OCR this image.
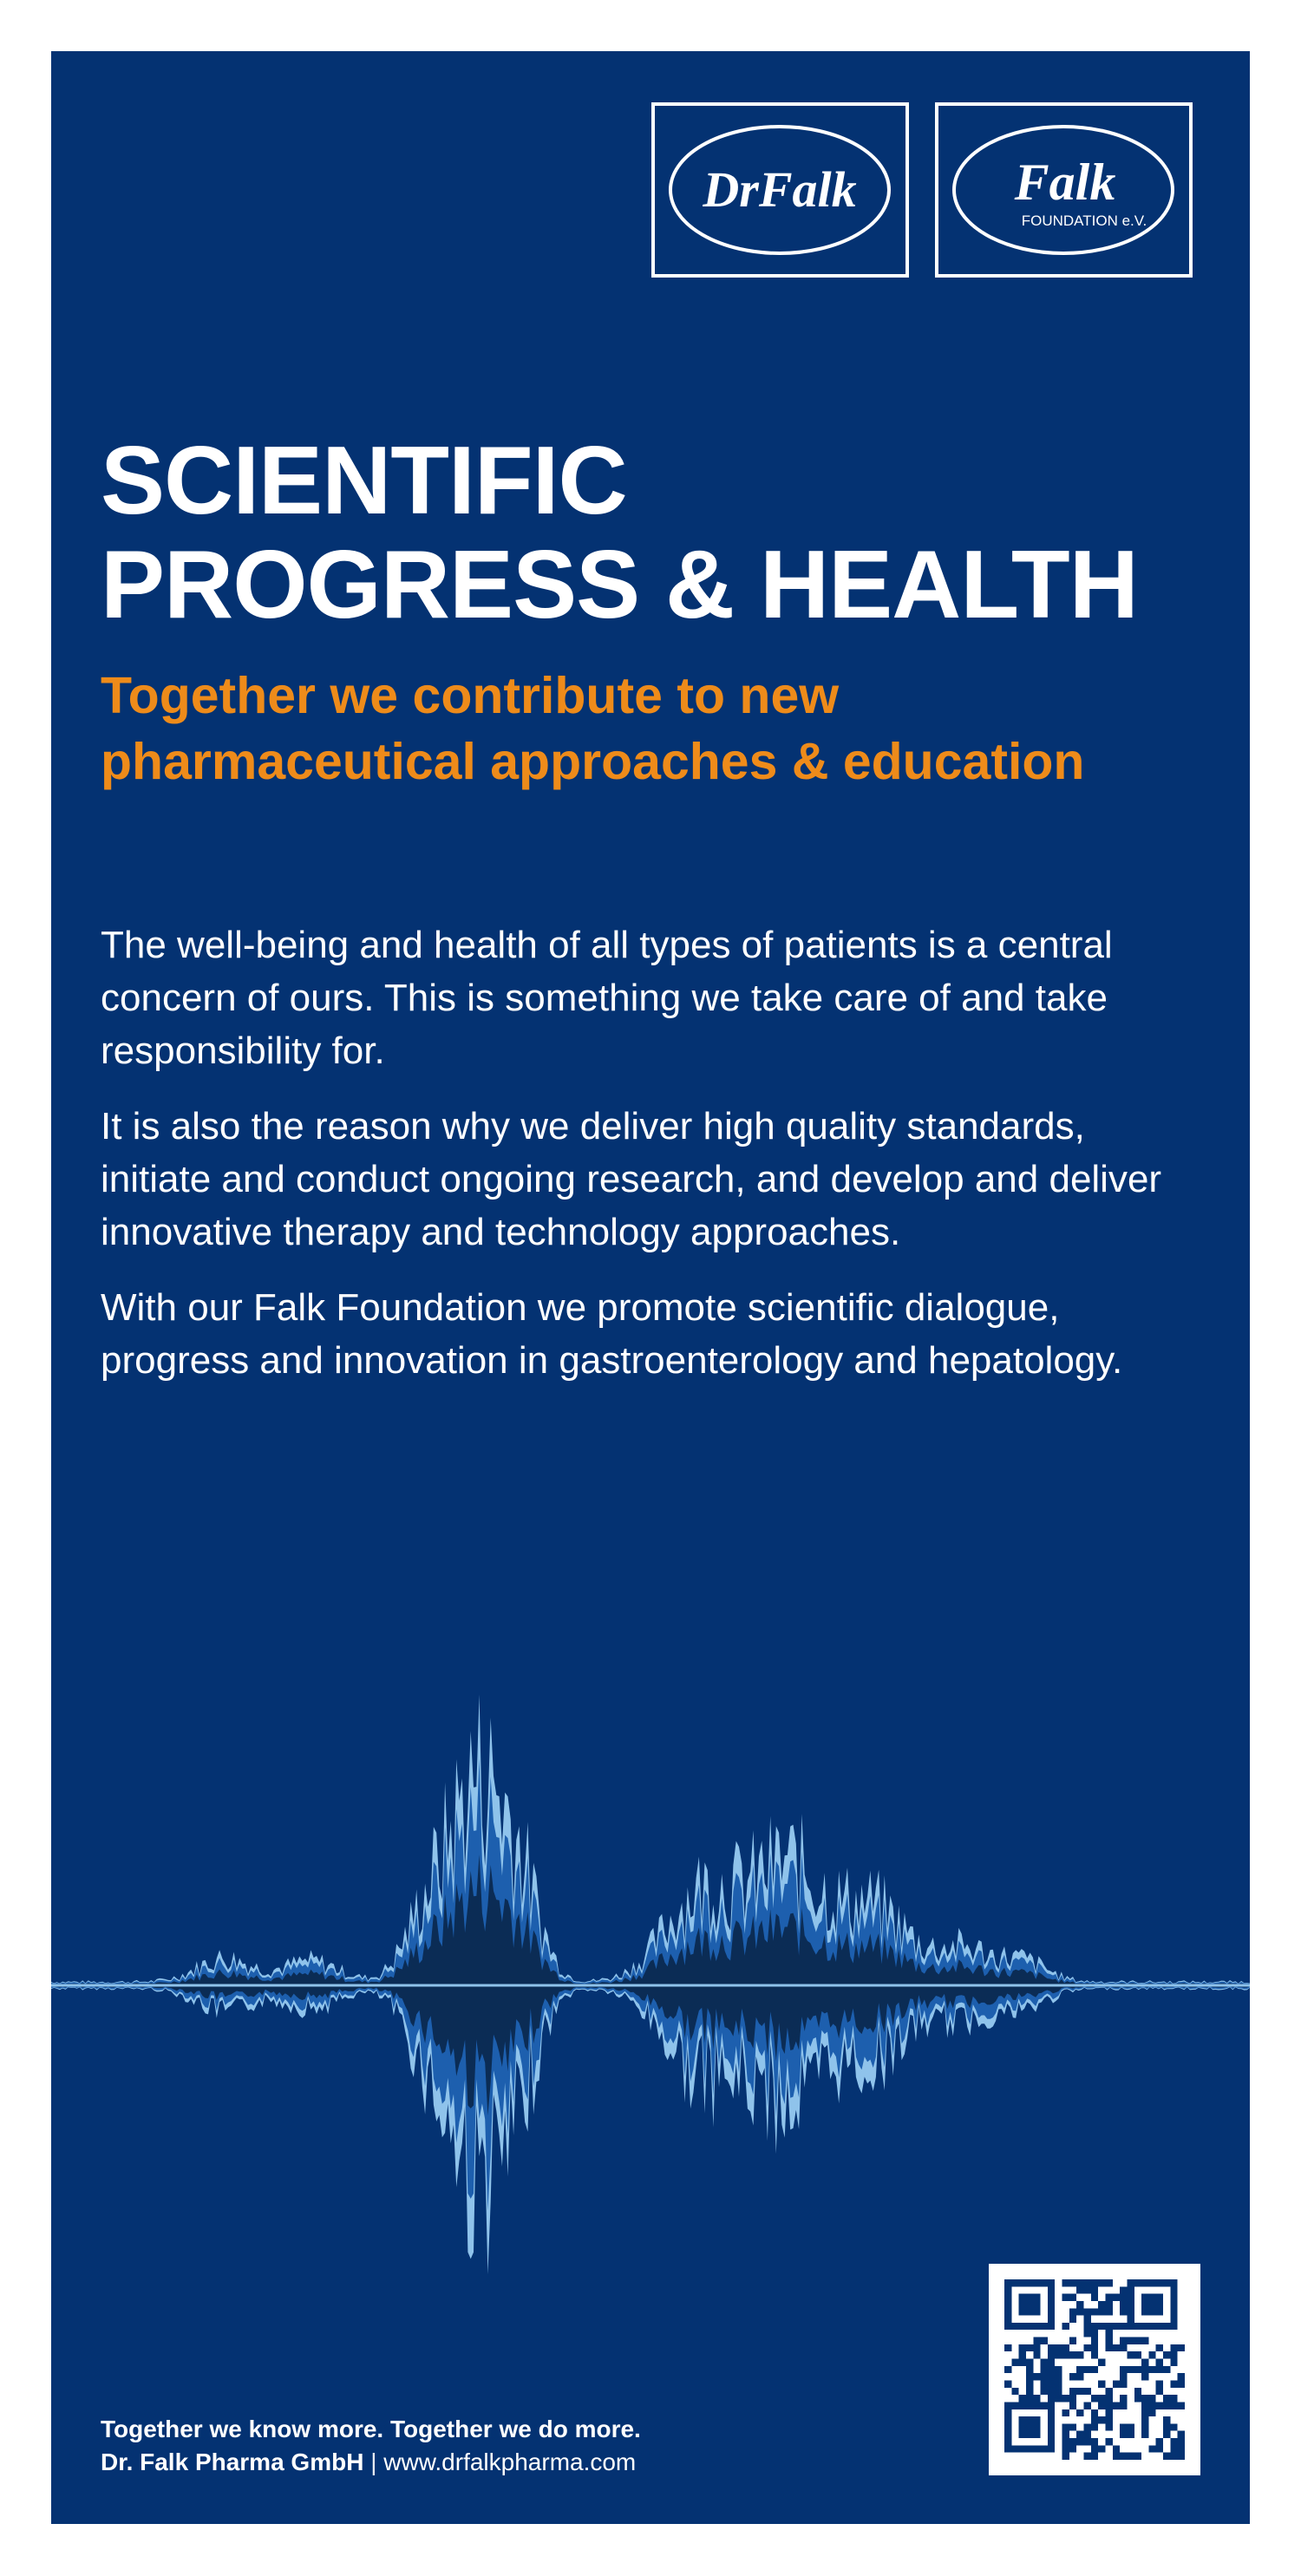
DrFalk	Falk
FOUNDATION e.V.
SCIENTIFIC
PROGRESS & HEALTH
Together we contribute to new pharmaceutical approaches & education

The well-being and health of all types of patients is a central concern of ours. This is something we take care of and take responsibility for.

It is also the reason why we deliver high quality standards, initiate and conduct ongoing research, and develop and deliver innovative therapy and technology approaches.

With our Falk Foundation we promote scientific dialogue, progress and innovation in gastroenterology and hepatology.

Together we know more. Together we do more.
Dr. Falk Pharma GmbH | www.drfalkpharma.com
